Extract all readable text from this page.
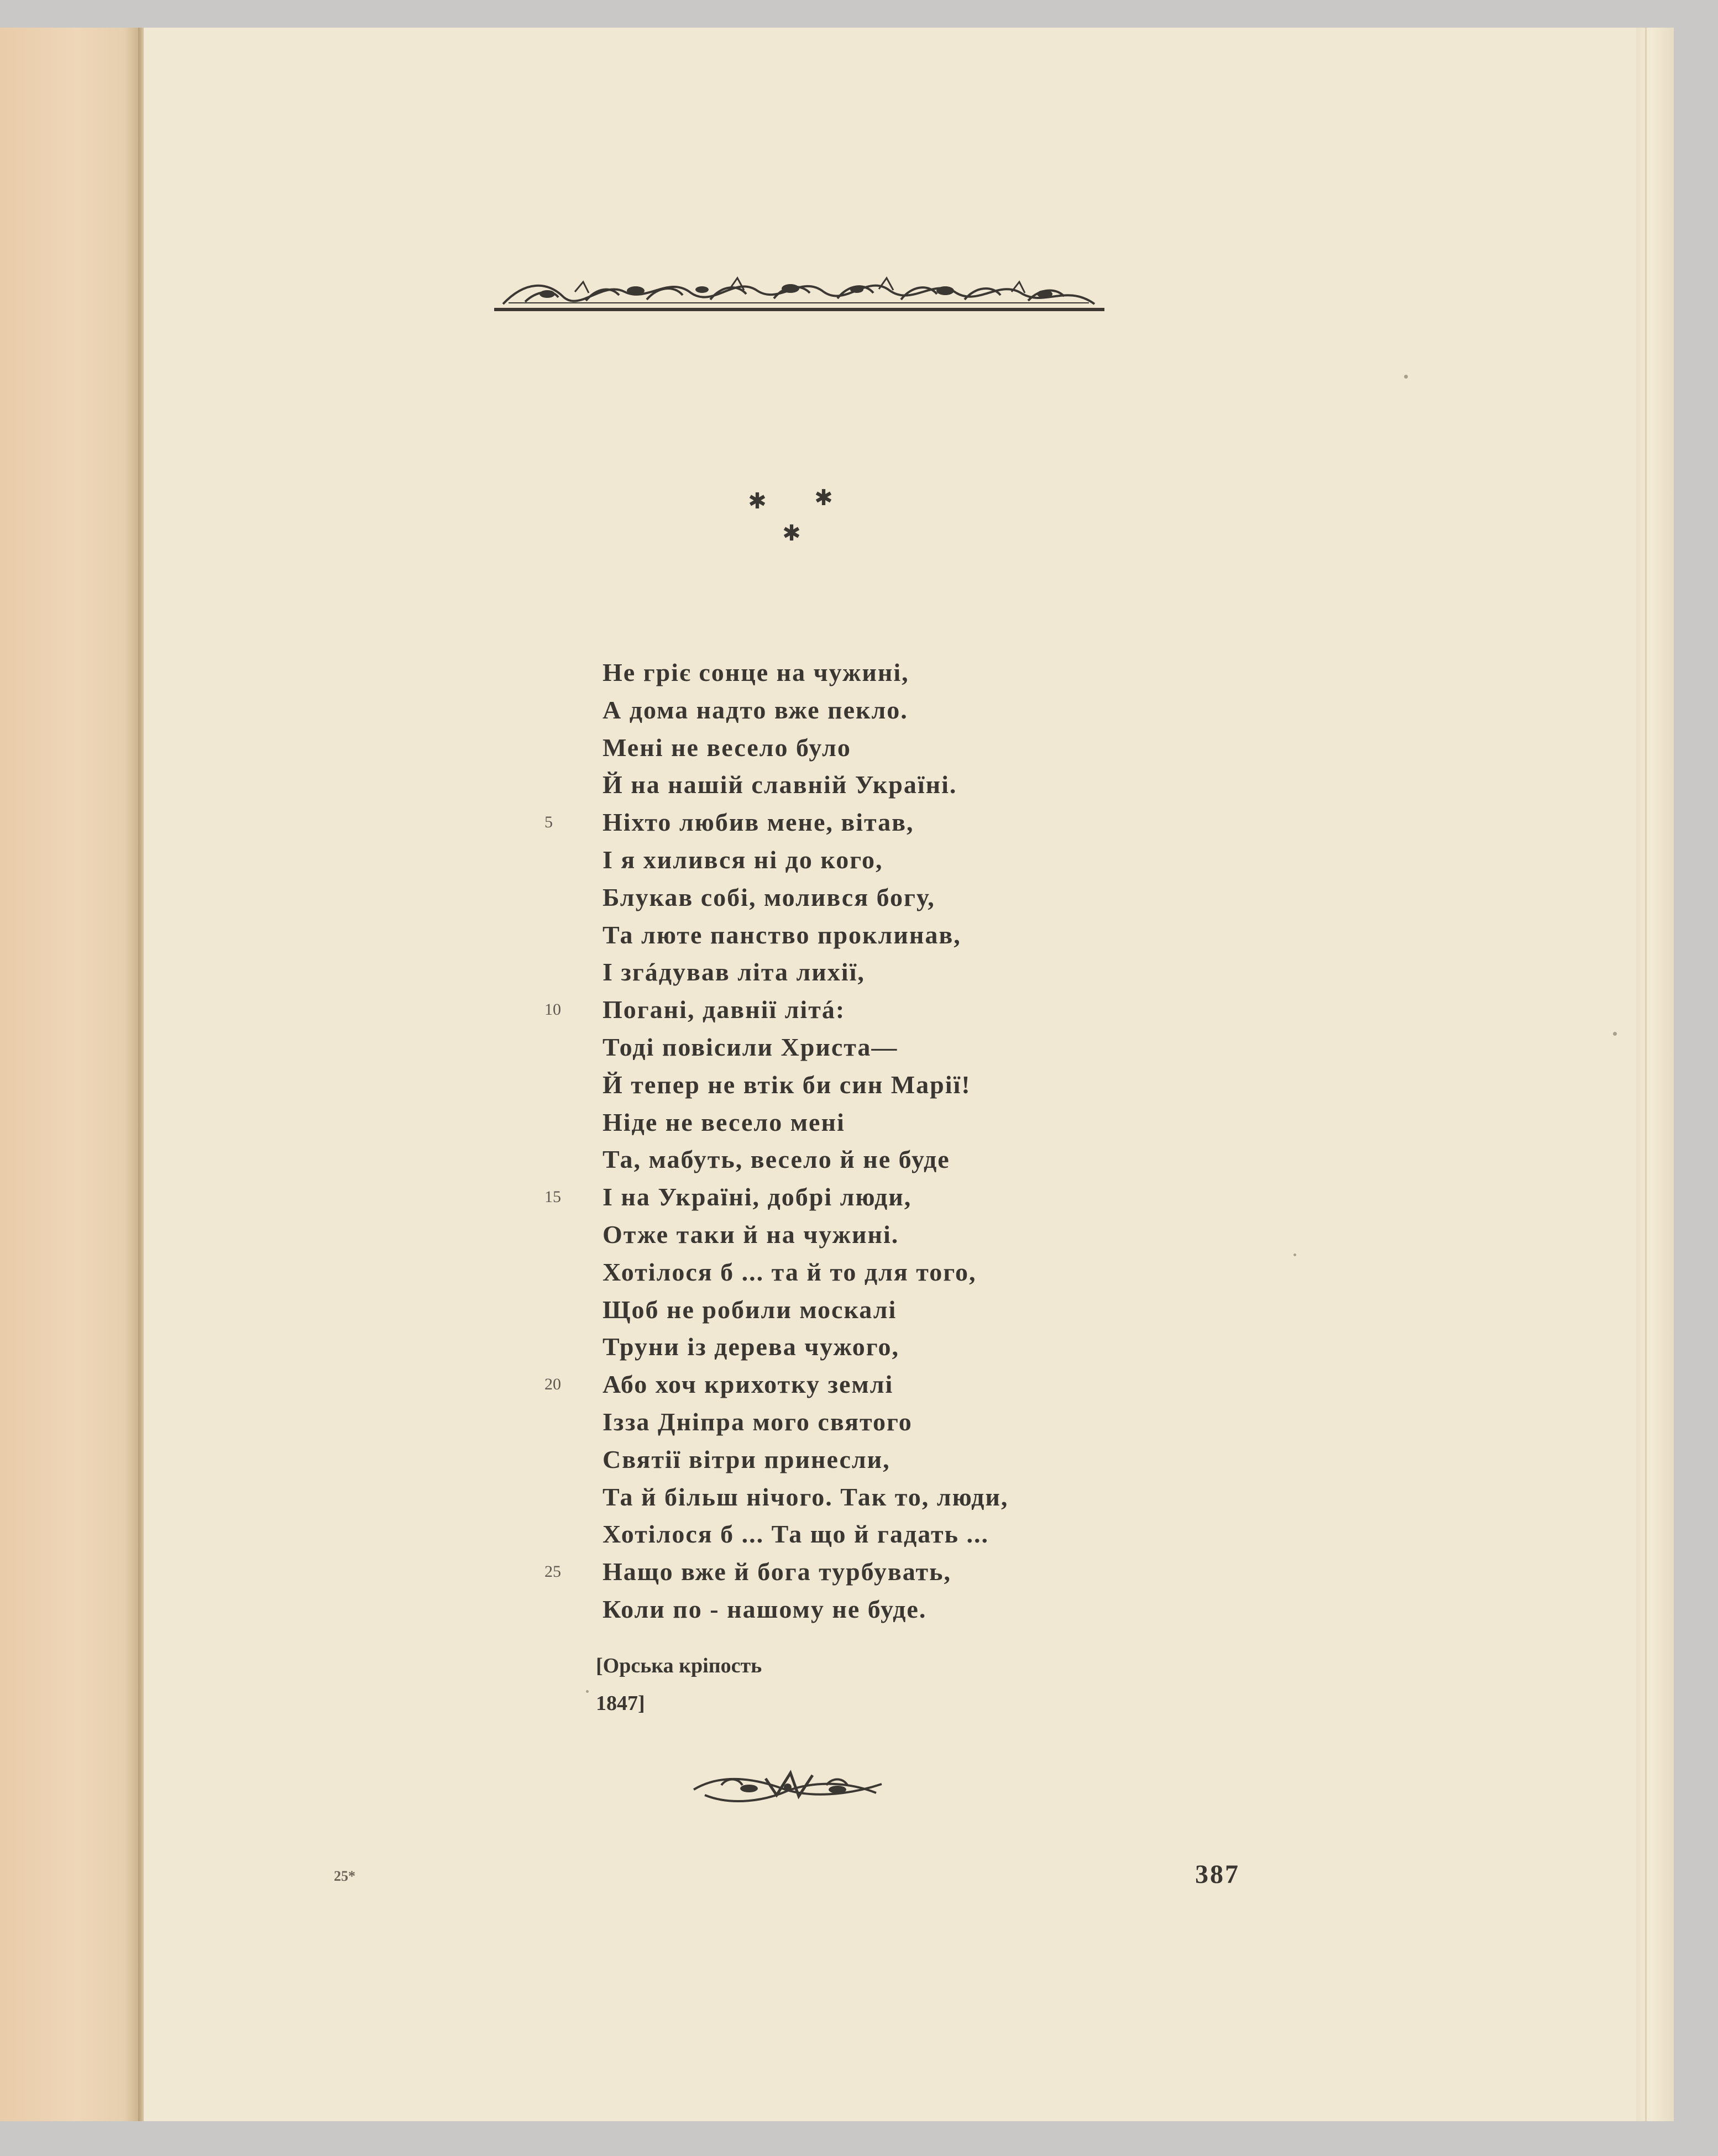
✱ ✱
✱
Не гріє сонце на чужині,
А дома надто вже пекло.
Мені не весело було
Й на нашій славній Україні.
5	Ніхто любив мене, вітав,
І я хилився ні до кого,
Блукав собі, молився богу,
Та люте панство проклинав,
І згáдував літа лихії,
10	Погані, давнії літá:
Тоді повісили Христа—
Й тепер не втік би син Марії!
Ніде не весело мені
Та, мабуть, весело й не буде
15	І на Україні, добрі люди,
Отже таки й на чужині.
Хотілося б ... та й то для того,
Щоб не робили москалі
Труни із дерева чужого,
20	Або хоч крихотку землі
Ізза Дніпра мого святого
Святії вітри принесли,
Та й більш нічого. Так то, люди,
Хотілося б ... Та що й гадать ...
25	Нащо вже й бога турбувать,
Коли по - нашому не буде.
[Орська кріпость
1847]
25*	387
